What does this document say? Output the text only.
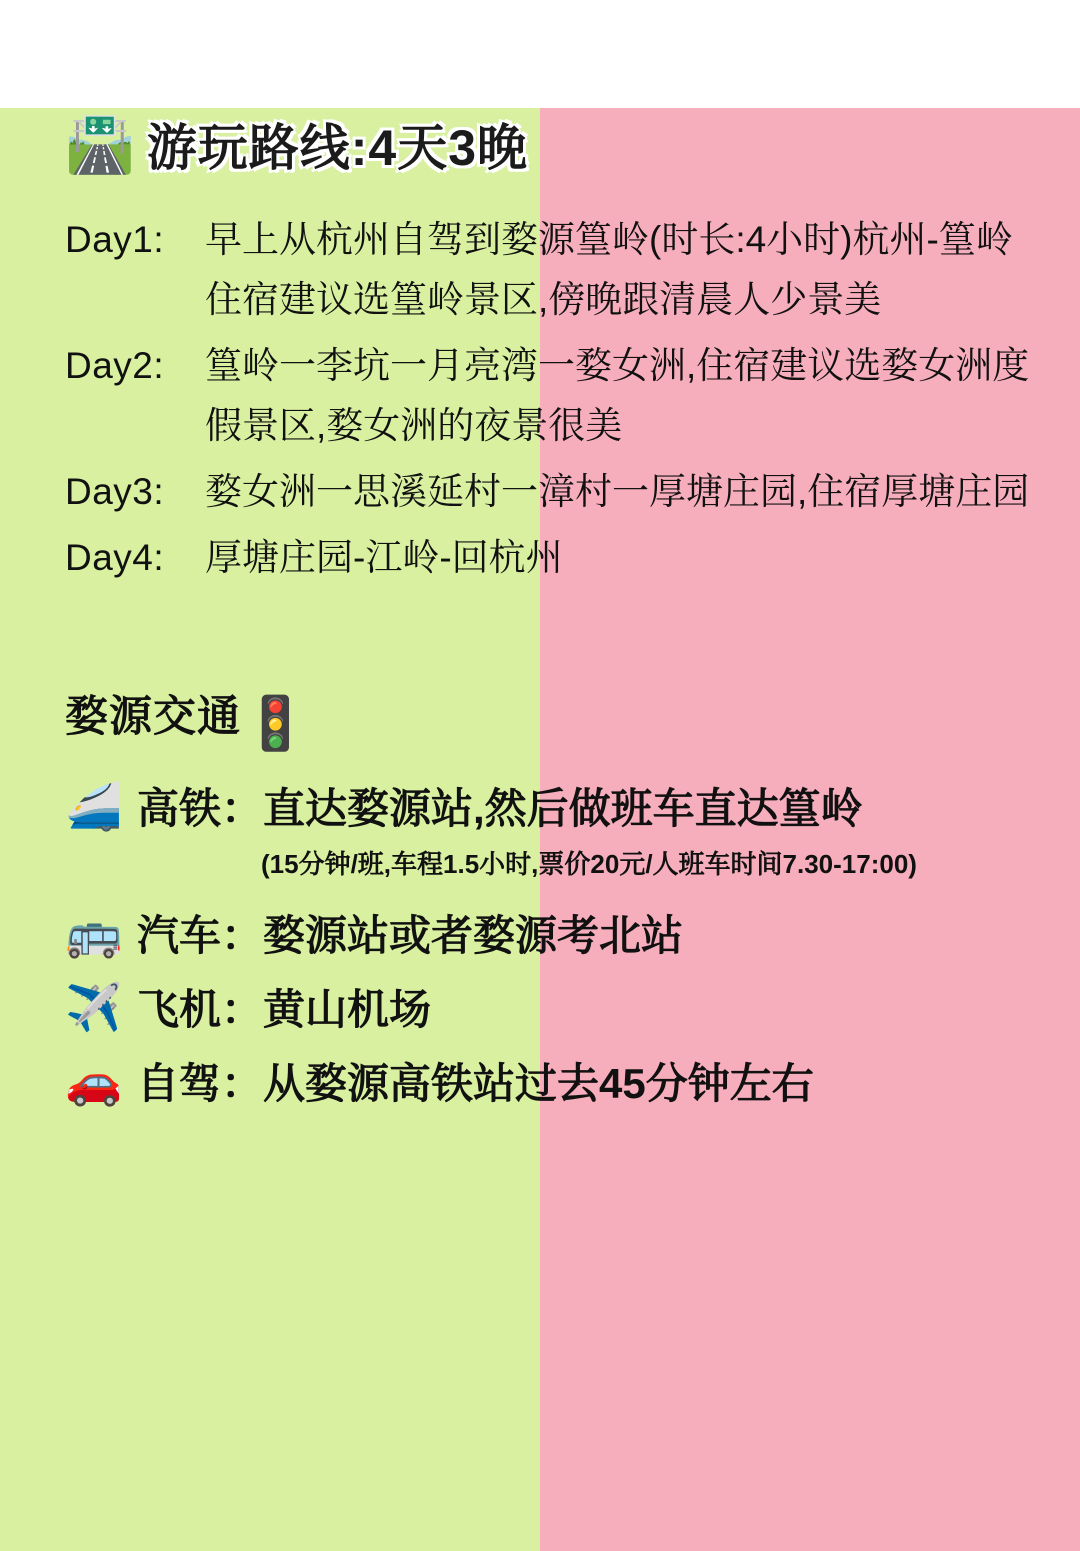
🛣️ 游玩路线:4天3晚
Day1:	早上从杭州自驾到婺源篁岭(时长:4小时)杭州-篁岭住宿建议选篁岭景区,傍晚跟清晨人少景美
Day2:	篁岭一李坑一月亮湾一婺女洲,住宿建议选婺女洲度假景区,婺女洲的夜景很美
Day3:	婺女洲一思溪延村一漳村一厚塘庄园,住宿厚塘庄园
Day4:	厚塘庄园-江岭-回杭州
婺源交通 🚦
🚄 高铁：直达婺源站,然后做班车直达篁岭
(15分钟/班,车程1.5小时,票价20元/人班车时间7.30-17:00)
🚌 汽车：婺源站或者婺源考北站
✈️ 飞机：黄山机场
🚗 自驾：从婺源高铁站过去45分钟左右
